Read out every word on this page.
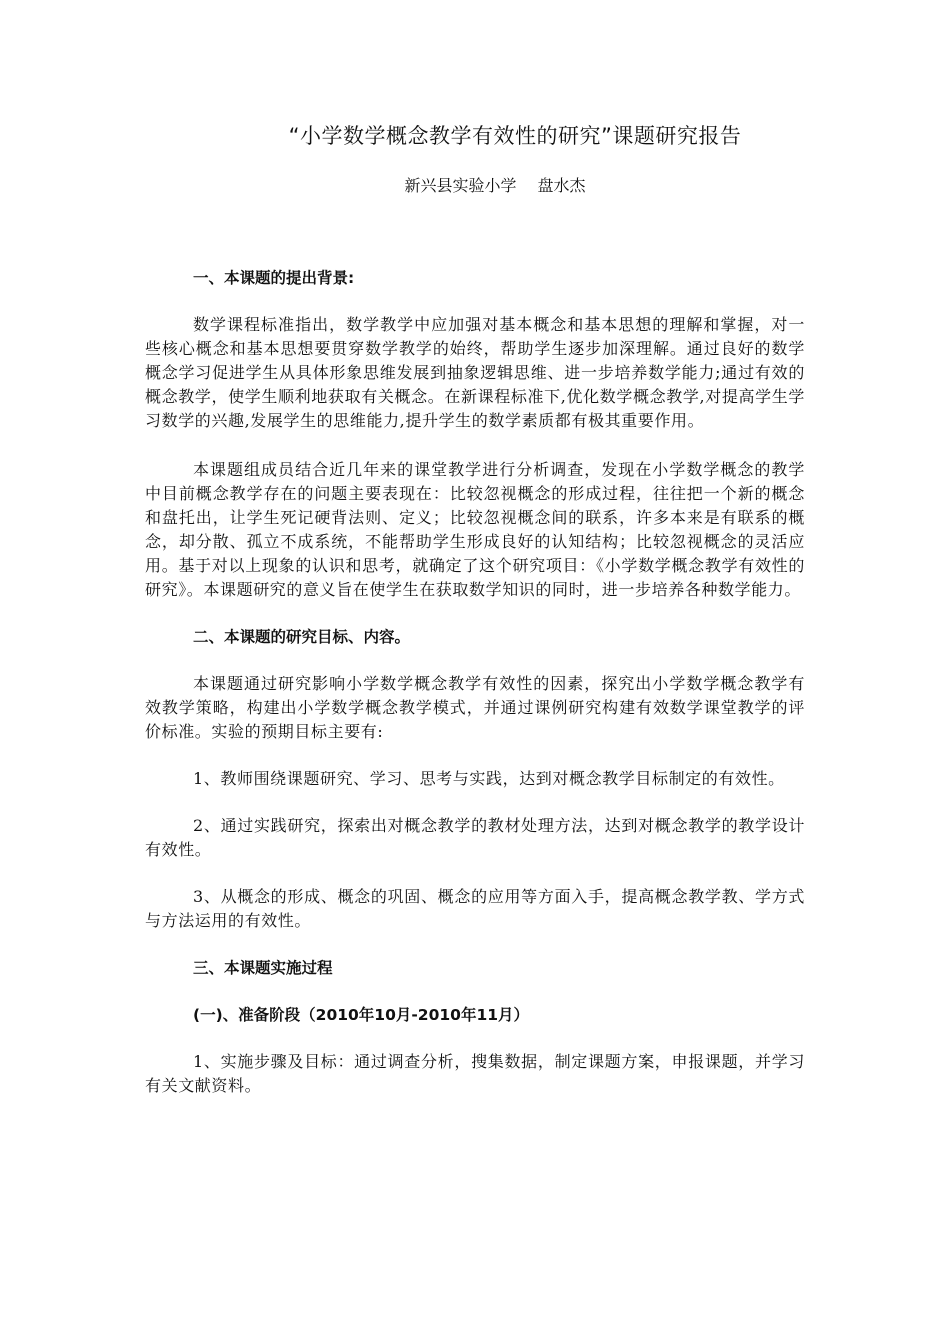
“小学数学概念教学有效性的研究”课题研究报告
新兴县实验小学　 盘水杰

一、本课题的提出背景:

数学课程标准指出，数学教学中应加强对基本概念和基本思想的理解和掌握，对一些核心概念和基本思想要贯穿数学教学的始终，帮助学生逐步加深理解。通过良好的数学概念学习促进学生从具体形象思维发展到抽象逻辑思维、进一步培养数学能力;通过有效的概念教学，使学生顺利地获取有关概念。在新课程标准下,优化数学概念教学,对提高学生学习数学的兴趣,发展学生的思维能力,提升学生的数学素质都有极其重要作用。

本课题组成员结合近几年来的课堂教学进行分析调查，发现在小学数学概念的教学中目前概念教学存在的问题主要表现在：比较忽视概念的形成过程，往往把一个新的概念和盘托出，让学生死记硬背法则、定义；比较忽视概念间的联系，许多本来是有联系的概念，却分散、孤立不成系统，不能帮助学生形成良好的认知结构；比较忽视概念的灵活应用。基于对以上现象的认识和思考，就确定了这个研究项目：《小学数学概念教学有效性的研究》。本课题研究的意义旨在使学生在获取数学知识的同时，进一步培养各种数学能力。

二、本课题的研究目标、内容。

本课题通过研究影响小学数学概念教学有效性的因素，探究出小学数学概念教学有效教学策略，构建出小学数学概念教学模式，并通过课例研究构建有效数学课堂教学的评价标准。实验的预期目标主要有:

1、教师围绕课题研究、学习、思考与实践，达到对概念教学目标制定的有效性。

2、通过实践研究，探索出对概念教学的教材处理方法，达到对概念教学的教学设计有效性。

3、从概念的形成、概念的巩固、概念的应用等方面入手，提高概念教学教、学方式与方法运用的有效性。

三、本课题实施过程

(一)、准备阶段（2010年10月-2010年11月）

1、实施步骤及目标：通过调查分析，搜集数据，制定课题方案，申报课题，并学习有关文献资料。
